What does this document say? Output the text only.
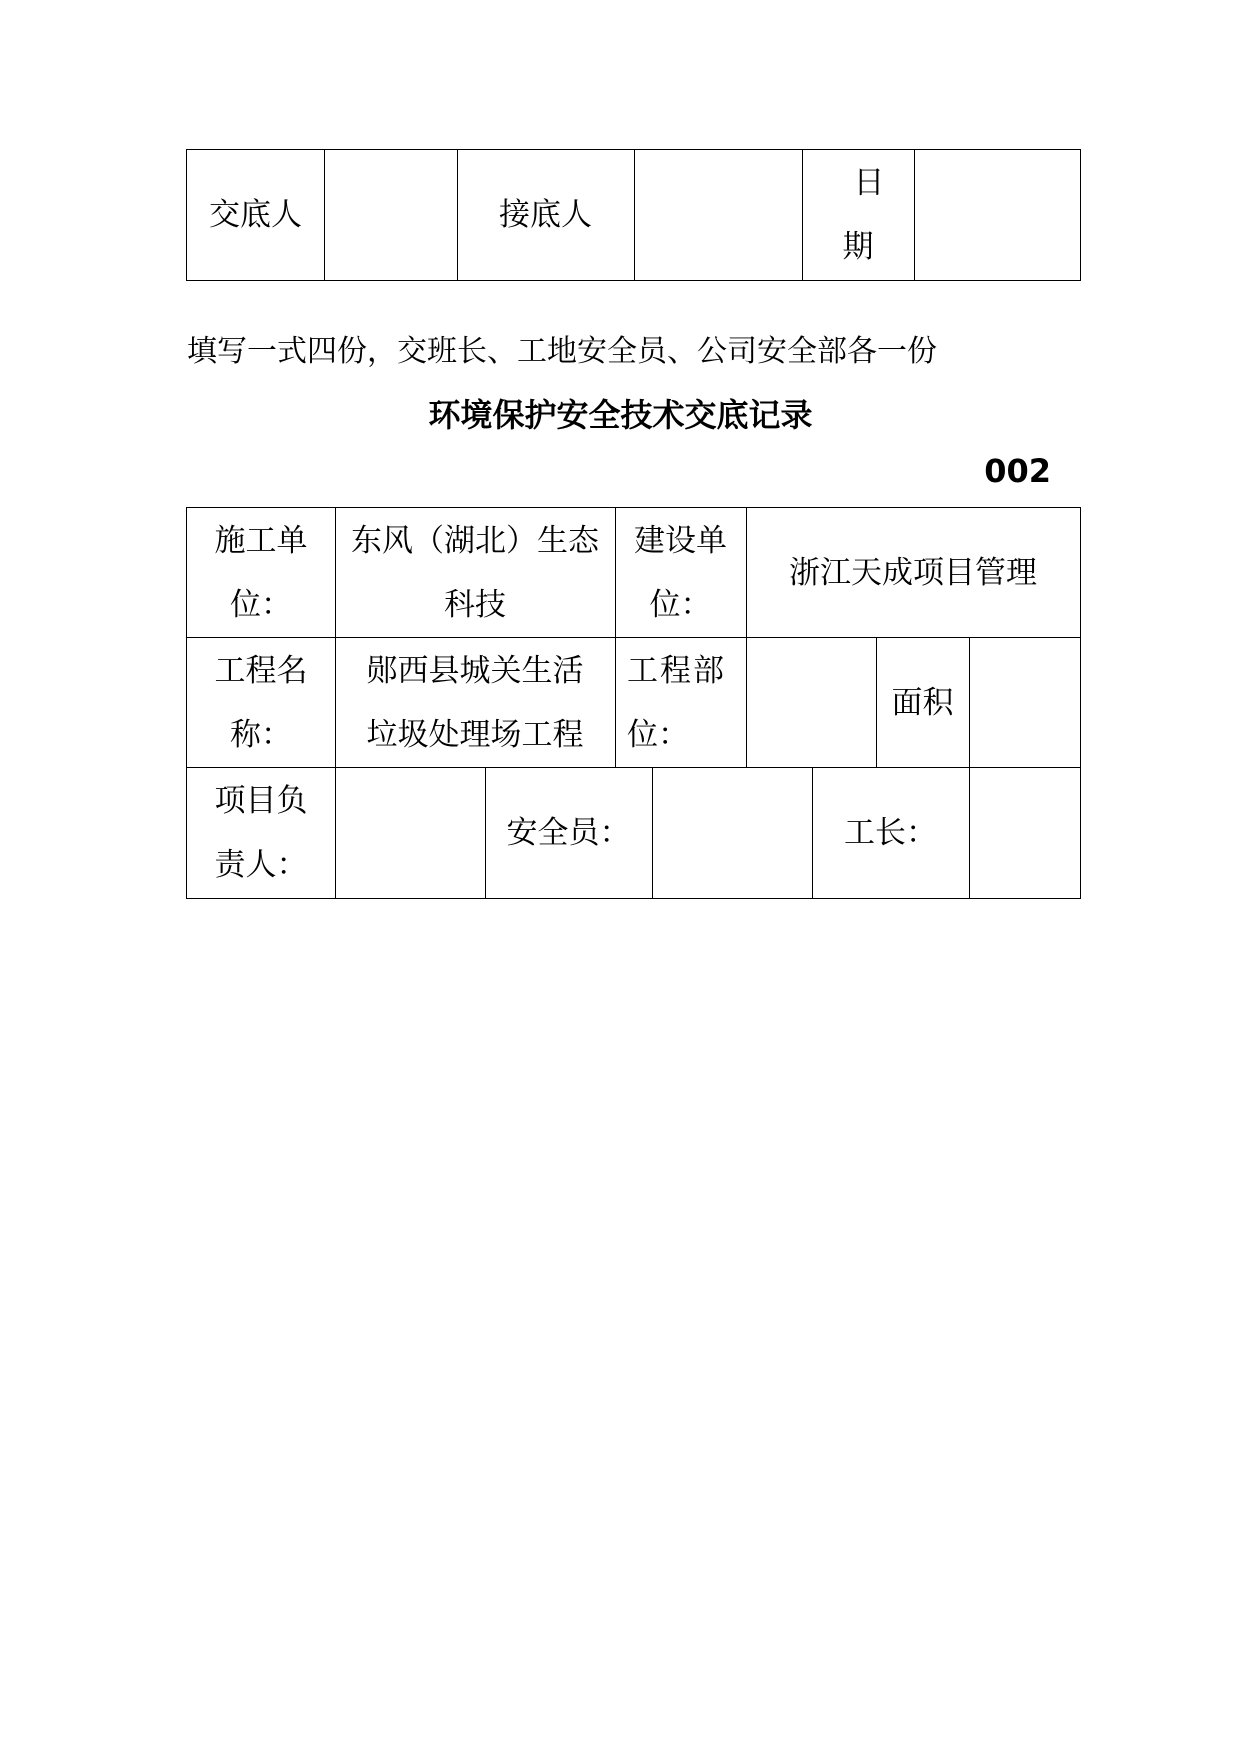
交底人	接底人
日
期
填写一式四份，交班长、工地安全员、公司安全部各一份
环境保护安全技术交底记录
002
施工单
位：
东风（湖北）生态
科技
建设单
位：
浙江天成项目管理
工程名
称：
郧西县城关生活
垃圾处理场工程
工程部
位：
面积
项目负
责人：
安全员：	工长：
